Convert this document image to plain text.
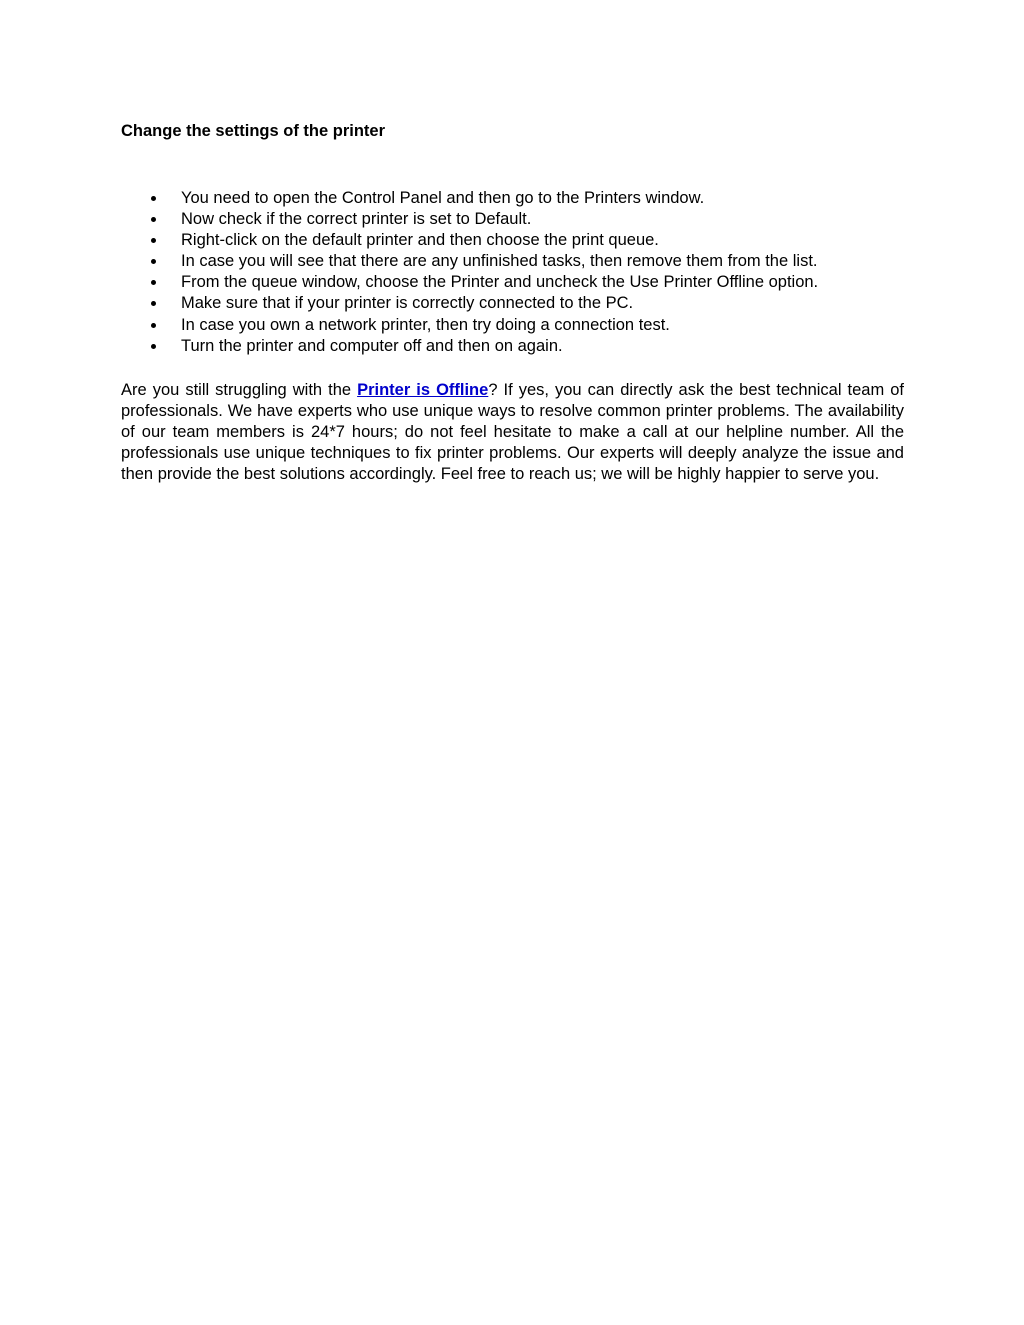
Change the settings of the printer
You need to open the Control Panel and then go to the Printers window.
Now check if the correct printer is set to Default.
Right-click on the default printer and then choose the print queue.
In case you will see that there are any unfinished tasks, then remove them from the list.
From the queue window, choose the Printer and uncheck the Use Printer Offline option.
Make sure that if your printer is correctly connected to the PC.
In case you own a network printer, then try doing a connection test.
Turn the printer and computer off and then on again.

Are you still struggling with the Printer is Offline? If yes, you can directly ask the best technical team of professionals. We have experts who use unique ways to resolve common printer problems. The availability of our team members is 24*7 hours; do not feel hesitate to make a call at our helpline number. All the professionals use unique techniques to fix printer problems. Our experts will deeply analyze the issue and then provide the best solutions accordingly. Feel free to reach us; we will be highly happier to serve you.
